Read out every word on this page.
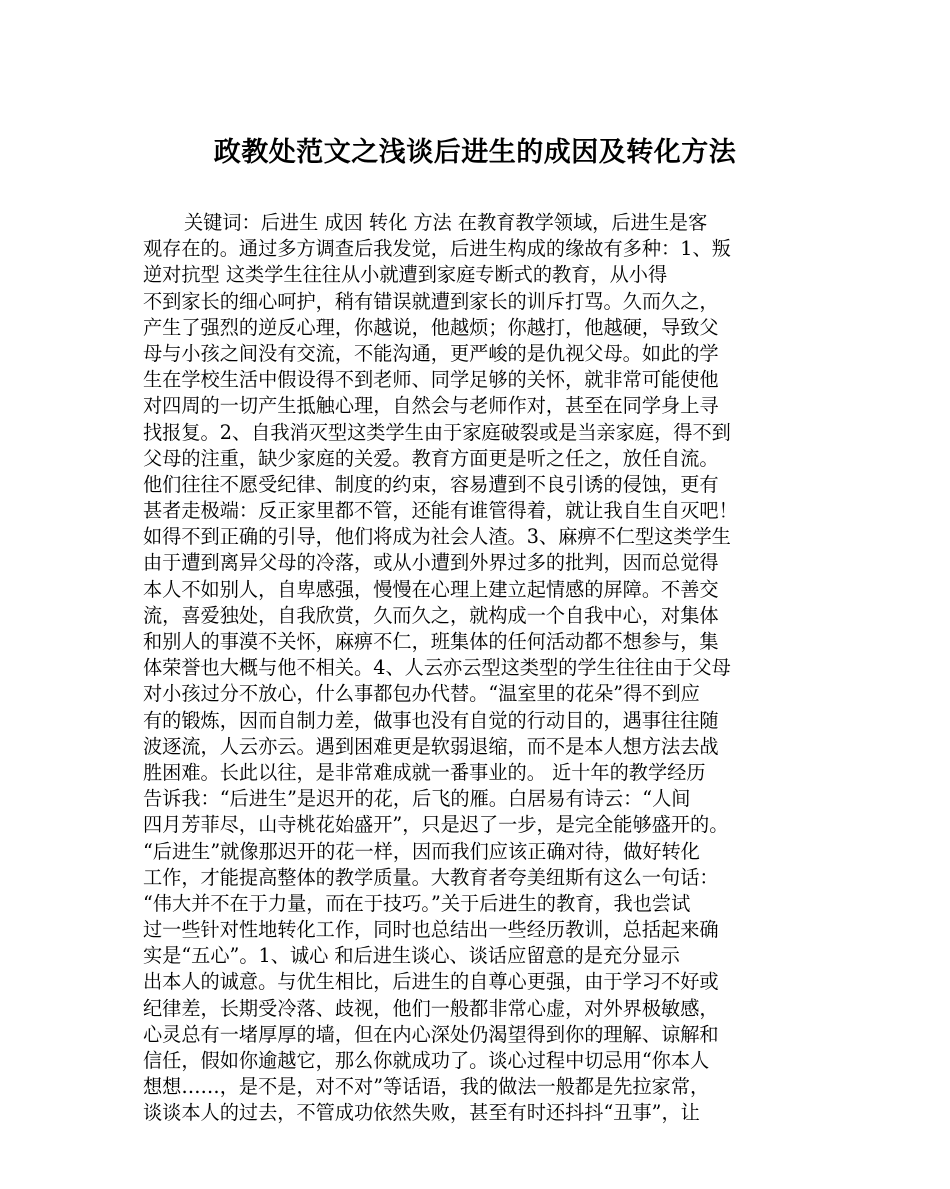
政教处范文之浅谈后进生的成因及转化方法
关键词：后进生 成因 转化 方法 在教育教学领域，后进生是客
观存在的。通过多方调查后我发觉，后进生构成的缘故有多种：1、叛
逆对抗型 这类学生往往从小就遭到家庭专断式的教育，从小得
不到家长的细心呵护，稍有错误就遭到家长的训斥打骂。久而久之，
产生了强烈的逆反心理，你越说，他越烦；你越打，他越硬，导致父
母与小孩之间没有交流，不能沟通，更严峻的是仇视父母。如此的学
生在学校生活中假设得不到老师、同学足够的关怀，就非常可能使他
对四周的一切产生抵触心理，自然会与老师作对，甚至在同学身上寻
找报复。2、自我消灭型这类学生由于家庭破裂或是当亲家庭，得不到
父母的注重，缺少家庭的关爱。教育方面更是听之任之，放任自流。
他们往往不愿受纪律、制度的约束，容易遭到不良引诱的侵蚀，更有
甚者走极端：反正家里都不管，还能有谁管得着，就让我自生自灭吧！
如得不到正确的引导，他们将成为社会人渣。3、麻痹不仁型这类学生
由于遭到离异父母的冷落，或从小遭到外界过多的批判，因而总觉得
本人不如别人，自卑感强，慢慢在心理上建立起情感的屏障。不善交
流，喜爱独处，自我欣赏，久而久之，就构成一个自我中心，对集体
和别人的事漠不关怀，麻痹不仁，班集体的任何活动都不想参与，集
体荣誉也大概与他不相关。4、人云亦云型这类型的学生往往由于父母
对小孩过分不放心，什么事都包办代替。“温室里的花朵”得不到应
有的锻炼，因而自制力差，做事也没有自觉的行动目的，遇事往往随
波逐流，人云亦云。遇到困难更是软弱退缩，而不是本人想方法去战
胜困难。长此以往，是非常难成就一番事业的。 近十年的教学经历
告诉我：“后进生”是迟开的花，后飞的雁。白居易有诗云：“人间
四月芳菲尽，山寺桃花始盛开”，只是迟了一步，是完全能够盛开的。
“后进生”就像那迟开的花一样，因而我们应该正确对待，做好转化
工作，才能提高整体的教学质量。大教育者夸美纽斯有这么一句话：
“伟大并不在于力量，而在于技巧。”关于后进生的教育，我也尝试
过一些针对性地转化工作，同时也总结出一些经历教训，总括起来确
实是“五心”。1、诚心 和后进生谈心、谈话应留意的是充分显示
出本人的诚意。与优生相比，后进生的自尊心更强，由于学习不好或
纪律差，长期受冷落、歧视，他们一般都非常心虚，对外界极敏感，
心灵总有一堵厚厚的墙，但在内心深处仍渴望得到你的理解、谅解和
信任，假如你逾越它，那么你就成功了。谈心过程中切忌用“你本人
想想……，是不是，对不对”等话语，我的做法一般都是先拉家常，
谈谈本人的过去，不管成功依然失败，甚至有时还抖抖“丑事”，让
